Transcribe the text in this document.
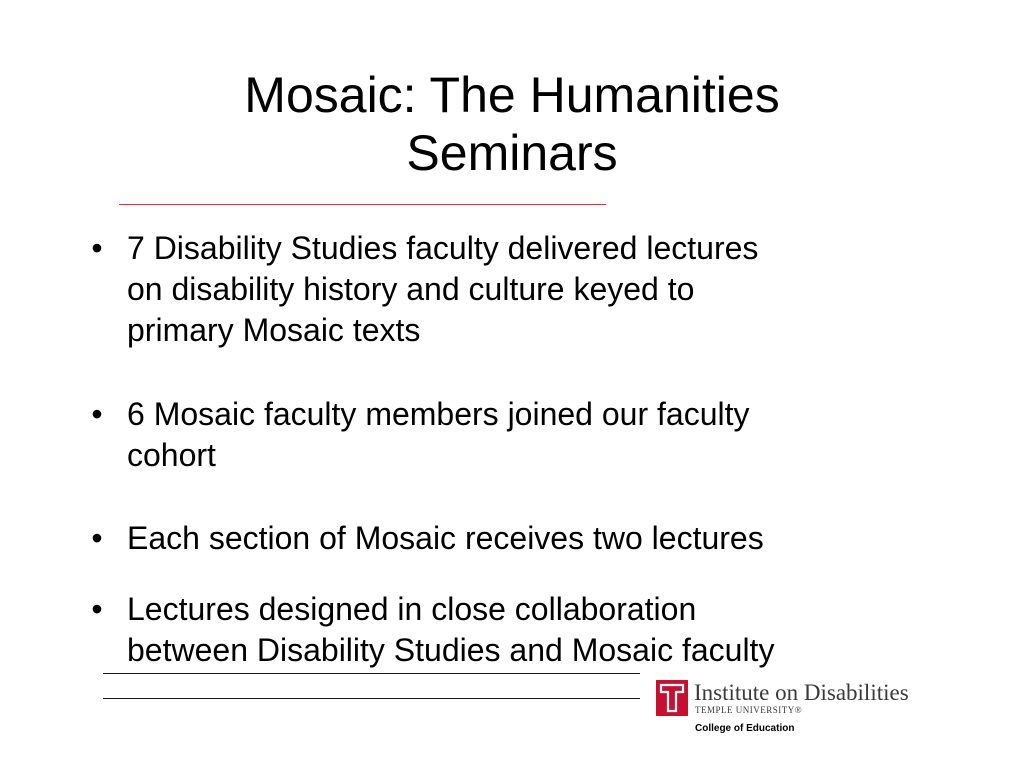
Mosaic: The Humanities
Seminars
• 7 Disability Studies faculty delivered lectures
on disability history and culture keyed to
primary Mosaic texts
• 6 Mosaic faculty members joined our faculty
cohort
• Each section of Mosaic receives two lectures
• Lectures designed in close collaboration
between Disability Studies and Mosaic faculty
Institute on Disabilities
TEMPLE UNIVERSITY®
College of Education
